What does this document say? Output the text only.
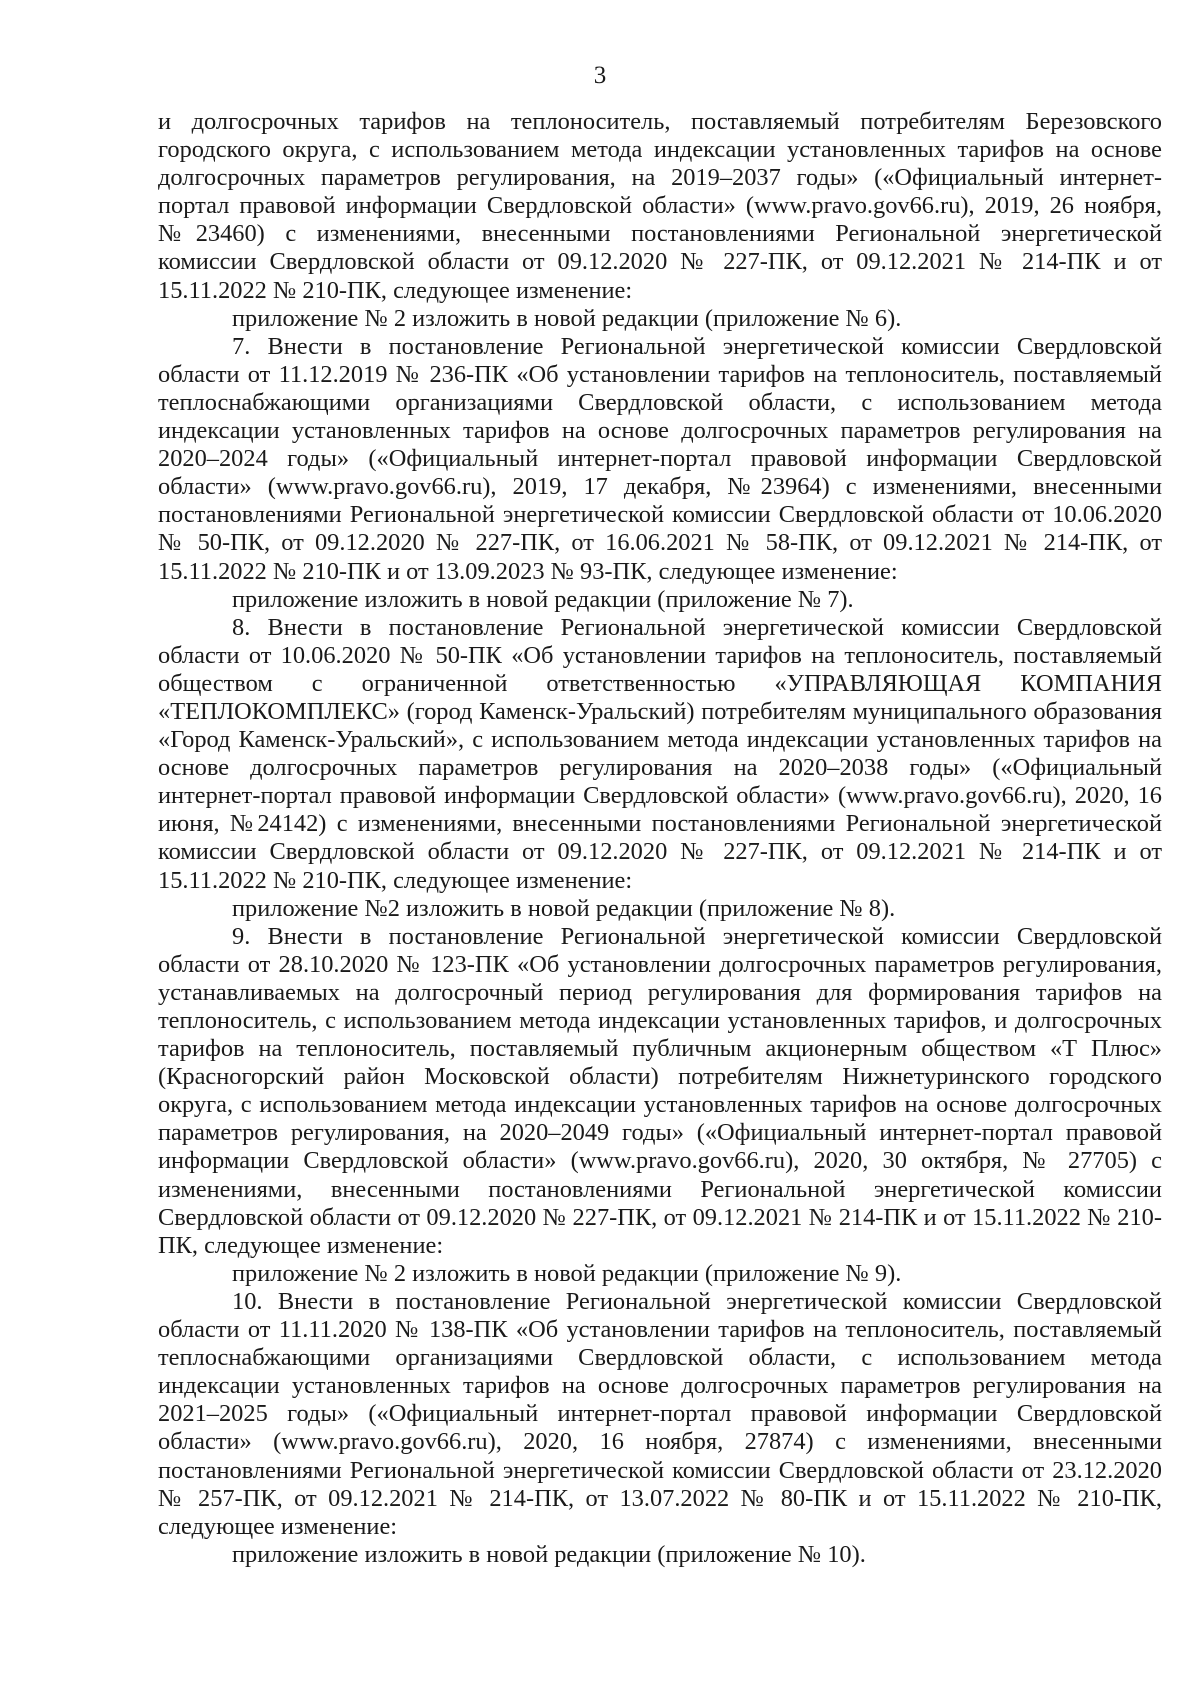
3

и долгосрочных тарифов на теплоноситель, поставляемый потребителям Березовского городского округа, с использованием метода индексации установленных тарифов на основе долгосрочных параметров регулирования, на 2019–2037 годы» («Официальный интернет-портал правовой информации Свердловской области» (www.pravo.gov66.ru), 2019, 26 ноября, №23460) с изменениями, внесенными постановлениями Региональной энергетической комиссии Свердловской области от 09.12.2020 № 227-ПК, от 09.12.2021 № 214-ПК и от 15.11.2022 № 210-ПК, следующее изменение:

приложение № 2 изложить в новой редакции (приложение № 6).

7. Внести в постановление Региональной энергетической комиссии Свердловской области от 11.12.2019 № 236-ПК «Об установлении тарифов на теплоноситель, поставляемый теплоснабжающими организациями Свердловской области, с использованием метода индексации установленных тарифов на основе долгосрочных параметров регулирования на 2020–2024 годы» («Официальный интернет-портал правовой информации Свердловской области» (www.pravo.gov66.ru), 2019, 17 декабря, №23964) с изменениями, внесенными постановлениями Региональной энергетической комиссии Свердловской области от 10.06.2020 № 50-ПК, от 09.12.2020 № 227-ПК, от 16.06.2021 № 58-ПК, от 09.12.2021 № 214-ПК, от 15.11.2022 № 210-ПК и от 13.09.2023 № 93-ПК, следующее изменение:

приложение изложить в новой редакции (приложение № 7).

8. Внести в постановление Региональной энергетической комиссии Свердловской области от 10.06.2020 № 50-ПК «Об установлении тарифов на теплоноситель, поставляемый обществом с ограниченной ответственностью «УПРАВЛЯЮЩАЯ КОМПАНИЯ «ТЕПЛОКОМПЛЕКС» (город Каменск-Уральский) потребителям муниципального образования «Город Каменск-Уральский», с использованием метода индексации установленных тарифов на основе долгосрочных параметров регулирования на 2020–2038 годы» («Официальный интернет-портал правовой информации Свердловской области» (www.pravo.gov66.ru), 2020, 16 июня, №24142) с изменениями, внесенными постановлениями Региональной энергетической комиссии Свердловской области от 09.12.2020 № 227-ПК, от 09.12.2021 № 214-ПК и от 15.11.2022 № 210-ПК, следующее изменение:

приложение №2 изложить в новой редакции (приложение № 8).

9. Внести в постановление Региональной энергетической комиссии Свердловской области от 28.10.2020 № 123-ПК «Об установлении долгосрочных параметров регулирования, устанавливаемых на долгосрочный период регулирования для формирования тарифов на теплоноситель, с использованием метода индексации установленных тарифов, и долгосрочных тарифов на теплоноситель, поставляемый публичным акционерным обществом «Т Плюс» (Красногорский район Московской области) потребителям Нижнетуринского городского округа, с использованием метода индексации установленных тарифов на основе долгосрочных параметров регулирования, на 2020–2049 годы» («Официальный интернет-портал правовой информации Свердловской области» (www.pravo.gov66.ru), 2020, 30 октября, № 27705) с изменениями, внесенными постановлениями Региональной энергетической комиссии Свердловской области от 09.12.2020 № 227-ПК, от 09.12.2021 № 214-ПК и от 15.11.2022 № 210-ПК, следующее изменение:

приложение № 2 изложить в новой редакции (приложение № 9).

10. Внести в постановление Региональной энергетической комиссии Свердловской области от 11.11.2020 № 138-ПК «Об установлении тарифов на теплоноситель, поставляемый теплоснабжающими организациями Свердловской области, с использованием метода индексации установленных тарифов на основе долгосрочных параметров регулирования на 2021–2025 годы» («Официальный интернет-портал правовой информации Свердловской области» (www.pravo.gov66.ru), 2020, 16 ноября, 27874) с изменениями, внесенными постановлениями Региональной энергетической комиссии Свердловской области от 23.12.2020 № 257-ПК, от 09.12.2021 № 214-ПК, от 13.07.2022 № 80-ПК и от 15.11.2022 № 210-ПК, следующее изменение:

приложение изложить в новой редакции (приложение № 10).
